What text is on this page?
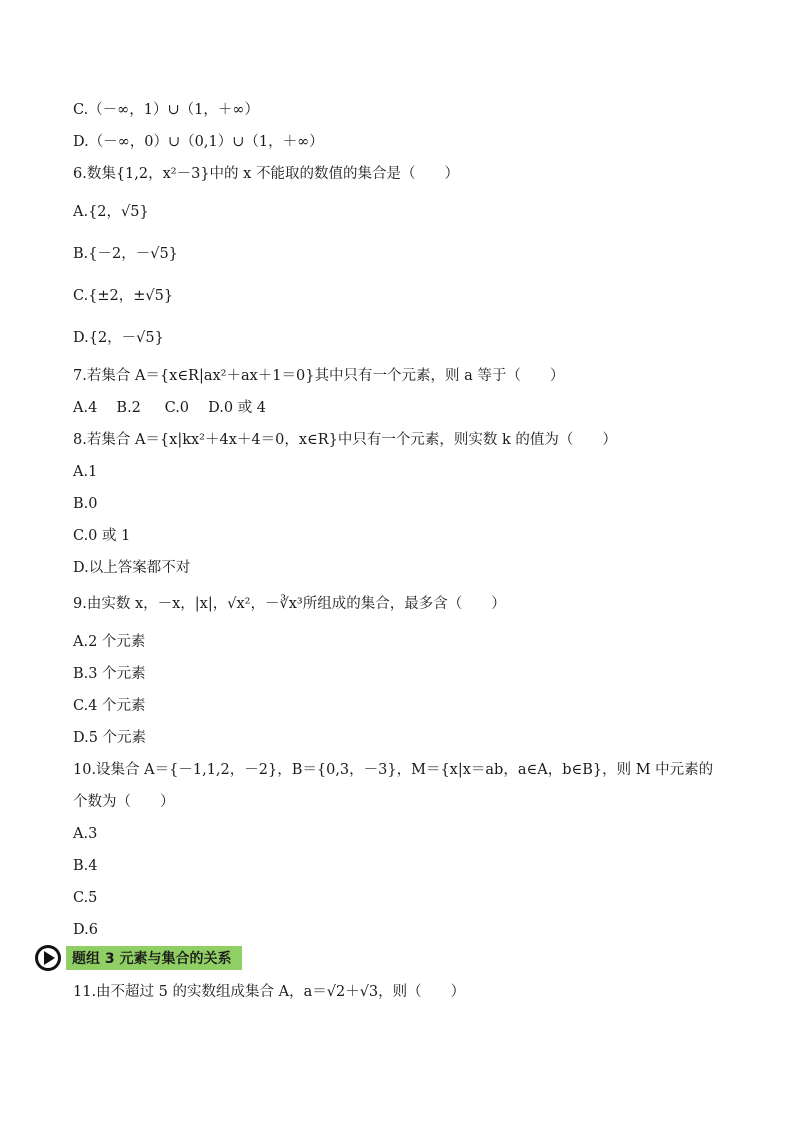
C.（－∞，1）∪（1，＋∞）
D.（－∞，0）∪（0,1）∪（1，＋∞）
6.数集{1,2，x²－3}中的 x 不能取的数值的集合是（　　）
A.{2，√5}
B.{－2，－√5}
C.{±2，±√5}
D.{2，－√5}
7.若集合 A＝{x∈R|ax²＋ax＋1＝0}其中只有一个元素，则 a 等于（　　）
A.4　 B.2 　 C.0　 D.0 或 4
8.若集合 A＝{x|kx²＋4x＋4＝0，x∈R}中只有一个元素，则实数 k 的值为（　　）
A.1
B.0
C.0 或 1
D.以上答案都不对
9.由实数 x，－x，|x|，√x²，－∛x³所组成的集合，最多含（　　）
A.2 个元素
B.3 个元素
C.4 个元素
D.5 个元素
10.设集合 A＝{－1,1,2，－2}，B＝{0,3，－3}，M＝{x|x＝ab，a∈A，b∈B}，则 M 中元素的
个数为（　　）
A.3
B.4
C.5
D.6
题组 3 元素与集合的关系
11.由不超过 5 的实数组成集合 A，a＝√2＋√3，则（　　）
